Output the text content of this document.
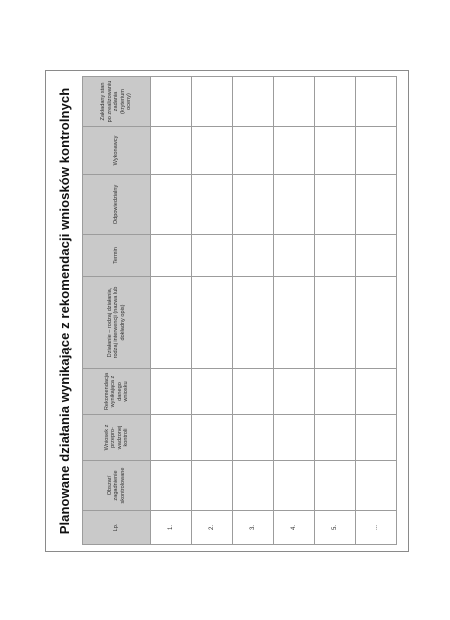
Planowane działania wynikające z rekomendacji wniosków kontrolnych	Lp.	Obszar/ zagadnienie skontrolowane	Wniosek z przepro- wadzonej kontroli	Rekomendacja wynikająca z danego wniosku	Działanie – rodzaj działania, rodzaj interwencji (nazwa lub dokładny opis)	Termin	Odpowiedzialny	Wykonawcy	Zakładany stan po zrealizowaniu zadania (kryterium oceny)

1.								
2.								
3.								
4.								
5.								
...								
